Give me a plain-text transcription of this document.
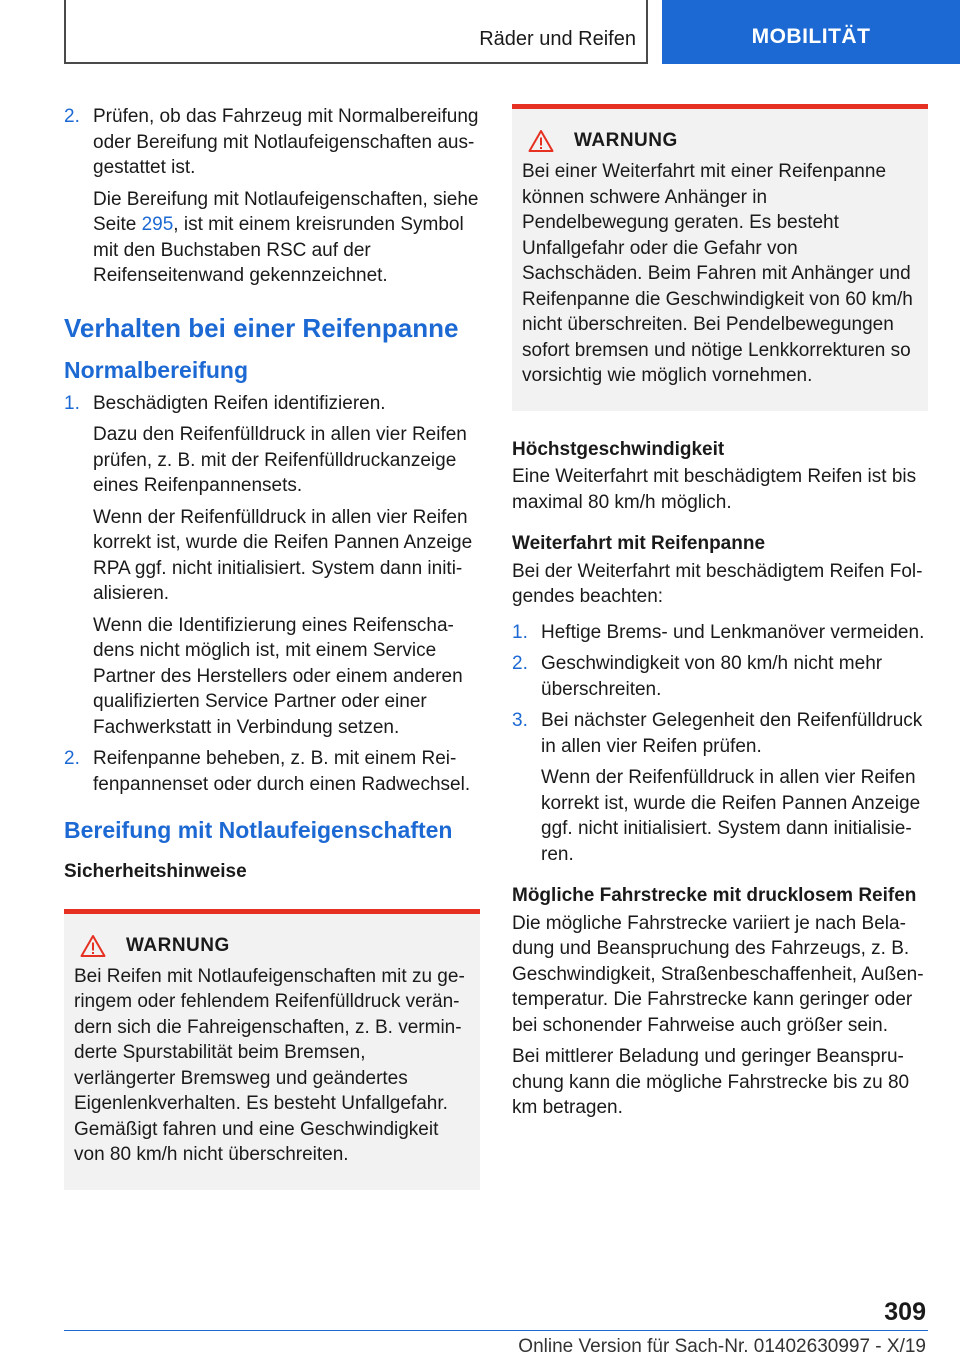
Räder und Reifen	MOBILITÄT
2. Prüfen, ob das Fahrzeug mit Normalbereifung oder Bereifung mit Notlaufeigenschaften ausgestattet ist.

Die Bereifung mit Notlaufeigenschaften, siehe Seite 295, ist mit einem kreisrunden Symbol mit den Buchstaben RSC auf der Reifenseitenwand gekennzeichnet.

Verhalten bei einer Reifenpanne
Normalbereifung
1. Beschädigten Reifen identifizieren.

Dazu den Reifenfülldruck in allen vier Reifen prüfen, z. B. mit der Reifenfülldruckanzeige eines Reifenpannensets.

Wenn der Reifenfülldruck in allen vier Reifen korrekt ist, wurde die Reifen Pannen Anzeige RPA ggf. nicht initialisiert. System dann initialisieren.

Wenn die Identifizierung eines Reifenschadens nicht möglich ist, mit einem Service Partner des Herstellers oder einem anderen qualifizierten Service Partner oder einer Fachwerkstatt in Verbindung setzen.

2. Reifenpanne beheben, z. B. mit einem Reifenpannenset oder durch einen Radwechsel.

Bereifung mit Notlaufeigenschaften
Sicherheitshinweise
WARNUNG

Bei Reifen mit Notlaufeigenschaften mit zu geringem oder fehlendem Reifenfülldruck verändern sich die Fahreigenschaften, z. B. verminderte Spurstabilität beim Bremsen, verlängerter Bremsweg und geändertes Eigenlenkverhalten. Es besteht Unfallgefahr. Gemäßigt fahren und eine Geschwindigkeit von 80 km/h nicht überschreiten.

WARNUNG

Bei einer Weiterfahrt mit einer Reifenpanne können schwere Anhänger in Pendelbewegung geraten. Es besteht Unfallgefahr oder die Gefahr von Sachschäden. Beim Fahren mit Anhänger und Reifenpanne die Geschwindigkeit von 60 km/h nicht überschreiten. Bei Pendelbewegungen sofort bremsen und nötige Lenkkorrekturen so vorsichtig wie möglich vornehmen.

Höchstgeschwindigkeit

Eine Weiterfahrt mit beschädigtem Reifen ist bis maximal 80 km/h möglich.

Weiterfahrt mit Reifenpanne

Bei der Weiterfahrt mit beschädigtem Reifen Folgendes beachten:

1. Heftige Brems- und Lenkmanöver vermeiden.

2. Geschwindigkeit von 80 km/h nicht mehr überschreiten.

3. Bei nächster Gelegenheit den Reifenfülldruck in allen vier Reifen prüfen.

Wenn der Reifenfülldruck in allen vier Reifen korrekt ist, wurde die Reifen Pannen Anzeige ggf. nicht initialisiert. System dann initialisieren.

Mögliche Fahrstrecke mit drucklosem Reifen

Die mögliche Fahrstrecke variiert je nach Beladung und Beanspruchung des Fahrzeugs, z. B. Geschwindigkeit, Straßenbeschaffenheit, Außentemperatur. Die Fahrstrecke kann geringer oder bei schonender Fahrweise auch größer sein.

Bei mittlerer Beladung und geringer Beanspruchung kann die mögliche Fahrstrecke bis zu 80 km betragen.

309
Online Version für Sach-Nr. 01402630997 - X/19
